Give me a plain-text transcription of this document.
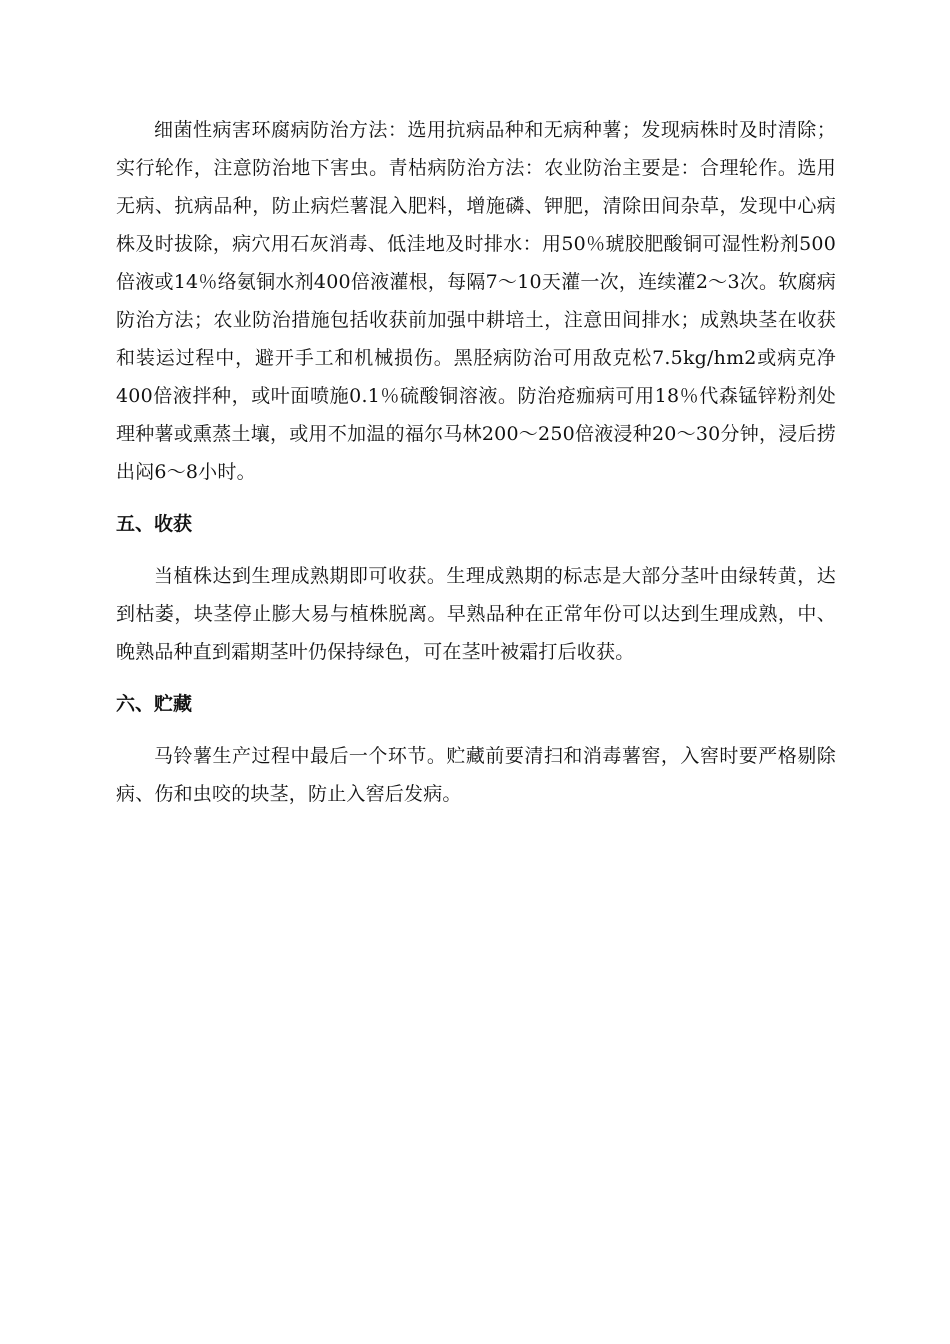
细菌性病害环腐病防治方法：选用抗病品种和无病种薯；发现病株时及时清除；实行轮作，注意防治地下害虫。青枯病防治方法：农业防治主要是：合理轮作。选用无病、抗病品种，防止病烂薯混入肥料，增施磷、钾肥，清除田间杂草，发现中心病株及时拔除，病穴用石灰消毒、低洼地及时排水：用50％琥胶肥酸铜可湿性粉剂500倍液或14％络氨铜水剂400倍液灌根，每隔7～10天灌一次，连续灌2～3次。软腐病防治方法；农业防治措施包括收获前加强中耕培土，注意田间排水；成熟块茎在收获和装运过程中，避开手工和机械损伤。黑胫病防治可用敌克松7.5kg/hm2或病克净400倍液拌种，或叶面喷施0.1％硫酸铜溶液。防治疮痂病可用18％代森锰锌粉剂处理种薯或熏蒸土壤，或用不加温的福尔马林200～250倍液浸种20～30分钟，浸后捞出闷6～8小时。

五、收获

当植株达到生理成熟期即可收获。生理成熟期的标志是大部分茎叶由绿转黄，达到枯萎，块茎停止膨大易与植株脱离。早熟品种在正常年份可以达到生理成熟，中、晚熟品种直到霜期茎叶仍保持绿色，可在茎叶被霜打后收获。

六、贮藏

马铃薯生产过程中最后一个环节。贮藏前要清扫和消毒薯窖，入窖时要严格剔除病、伤和虫咬的块茎，防止入窖后发病。
